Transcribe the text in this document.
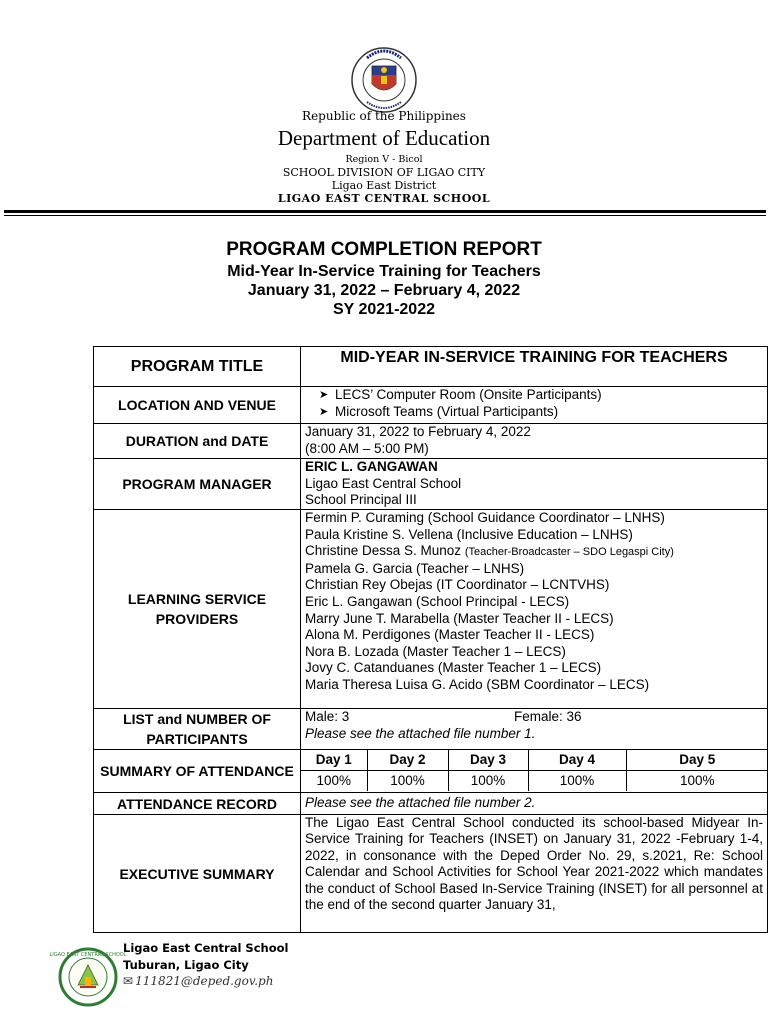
Republic of the Philippines
Department of Education
Region V - Bicol
SCHOOL DIVISION OF LIGAO CITY
Ligao East District
LIGAO EAST CENTRAL SCHOOL
PROGRAM COMPLETION REPORT
Mid-Year In-Service Training for Teachers
January 31, 2022 – February 4, 2022
SY 2021-2022
PROGRAM TITLE	MID-YEAR IN-SERVICE TRAINING FOR TEACHERS
LOCATION AND VENUE	
➤ LECS’ Computer Room (Onsite Participants)
➤ Microsoft Teams (Virtual Participants)

DURATION and DATE	
January 31, 2022 to February 4, 2022
(8:00 AM – 5:00 PM)

PROGRAM MANAGER	
ERIC L. GANGAWAN
Ligao East Central School
School Principal III

LEARNING SERVICE PROVIDERS	
Fermin P. Curaming (School Guidance Coordinator – LNHS)
Paula Kristine S. Vellena (Inclusive Education – LNHS)
Christine Dessa S. Munoz (Teacher-Broadcaster – SDO Legaspi City)
Pamela G. Garcia (Teacher – LNHS)
Christian Rey Obejas (IT Coordinator – LCNTVHS)
Eric L. Gangawan (School Principal - LECS)
Marry June T. Marabella (Master Teacher II - LECS)
Alona M. Perdigones (Master Teacher II - LECS)
Nora B. Lozada (Master Teacher 1 – LECS)
Jovy C. Catanduanes (Master Teacher 1 – LECS)
Maria Theresa Luisa G. Acido (SBM Coordinator – LECS)

LIST and NUMBER OF PARTICIPANTS	
Male: 3	Female: 36
Please see the attached file number 1.

SUMMARY OF ATTENDANCE	
Day 1	Day 2	Day 3	Day 4	Day 5
100%	100%	100%	100%	100%

ATTENDANCE RECORD	Please see the attached file number 2.
EXECUTIVE SUMMARY	
The Ligao East Central School conducted its school-based Midyear In-Service Training for Teachers (INSET) on January 31, 2022 -February 1-4, 2022, in consonance with the Deped Order No. 29, s.2021, Re: School Calendar and School Activities for School Year 2021-2022 which mandates the conduct of School Based In-Service Training (INSET) for all personnel at the end of the second quarter January 31,
LIGAO EAST CENTRAL SCHOOL
Ligao East Central School
Tuburan, Ligao City
✉ 111821@deped.gov.ph
